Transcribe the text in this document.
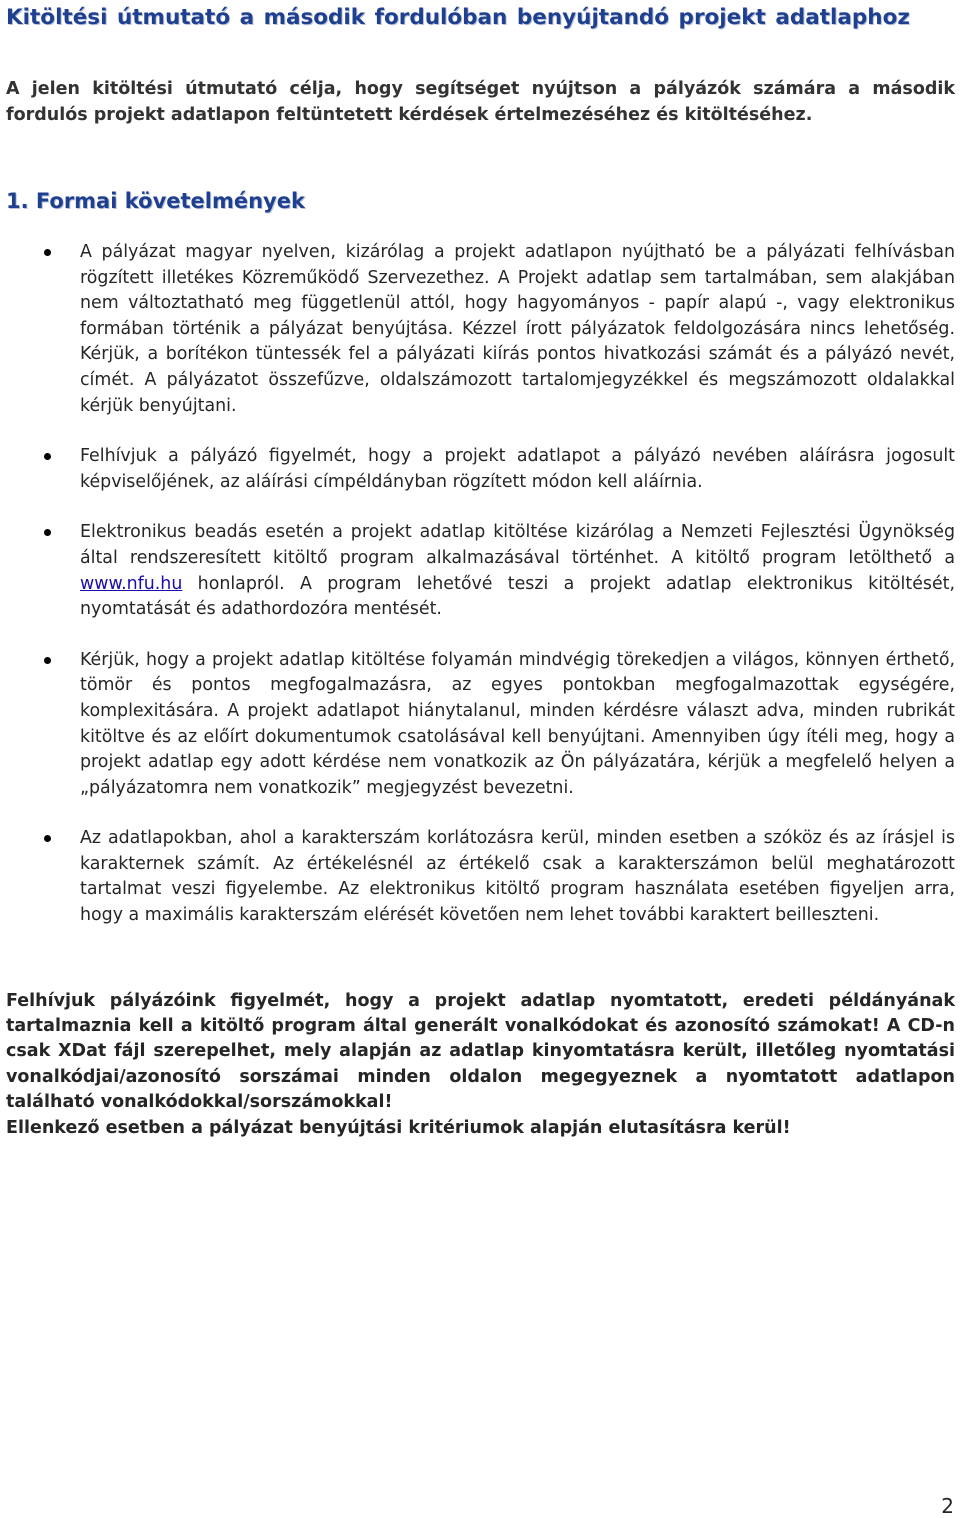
Kitöltési útmutató a második fordulóban benyújtandó projekt adatlaphoz

A jelen kitöltési útmutató célja, hogy segítséget nyújtson a pályázók számára a második fordulós projekt adatlapon feltüntetett kérdések értelmezéséhez és kitöltéséhez.

1. Formai követelmények
A pályázat magyar nyelven, kizárólag a projekt adatlapon nyújtható be a pályázati felhívásban rögzített illetékes Közreműködő Szervezethez. A Projekt adatlap sem tartalmában, sem alakjában nem változtatható meg függetlenül attól, hogy hagyományos - papír alapú -, vagy elektronikus formában történik a pályázat benyújtása. Kézzel írott pályázatok feldolgozására nincs lehetőség. Kérjük, a borítékon tüntessék fel a pályázati kiírás pontos hivatkozási számát és a pályázó nevét, címét. A pályázatot összefűzve, oldalszámozott tartalomjegyzékkel és megszámozott oldalakkal kérjük benyújtani.
Felhívjuk a pályázó figyelmét, hogy a projekt adatlapot a pályázó nevében aláírásra jogosult képviselőjének, az aláírási címpéldányban rögzített módon kell aláírnia.
Elektronikus beadás esetén a projekt adatlap kitöltése kizárólag a Nemzeti Fejlesztési Ügynökség által rendszeresített kitöltő program alkalmazásával történhet. A kitöltő program letölthető a www.nfu.hu honlapról. A program lehetővé teszi a projekt adatlap elektronikus kitöltését, nyomtatását és adathordozóra mentését.
Kérjük, hogy a projekt adatlap kitöltése folyamán mindvégig törekedjen a világos, könnyen érthető, tömör és pontos megfogalmazásra, az egyes pontokban megfogalmazottak egységére, komplexitására. A projekt adatlapot hiánytalanul, minden kérdésre választ adva, minden rubrikát kitöltve és az előírt dokumentumok csatolásával kell benyújtani. Amennyiben úgy ítéli meg, hogy a projekt adatlap egy adott kérdése nem vonatkozik az Ön pályázatára, kérjük a megfelelő helyen a „pályázatomra nem vonatkozik” megjegyzést bevezetni.
Az adatlapokban, ahol a karakterszám korlátozásra kerül, minden esetben a szóköz és az írásjel is karakternek számít. Az értékelésnél az értékelő csak a karakterszámon belül meghatározott tartalmat veszi figyelembe. Az elektronikus kitöltő program használata esetében figyeljen arra, hogy a maximális karakterszám elérését követően nem lehet további karaktert beilleszteni.

Felhívjuk pályázóink figyelmét, hogy a projekt adatlap nyomtatott, eredeti példányának tartalmaznia kell a kitöltő program által generált vonalkódokat és azonosító számokat! A CD-n csak XDat fájl szerepelhet, mely alapján az adatlap kinyomtatásra került, illetőleg nyomtatási vonalkódjai/azonosító sorszámai minden oldalon megegyeznek a nyomtatott adatlapon található vonalkódokkal/sorszámokkal!

Ellenkező esetben a pályázat benyújtási kritériumok alapján elutasításra kerül!

2
